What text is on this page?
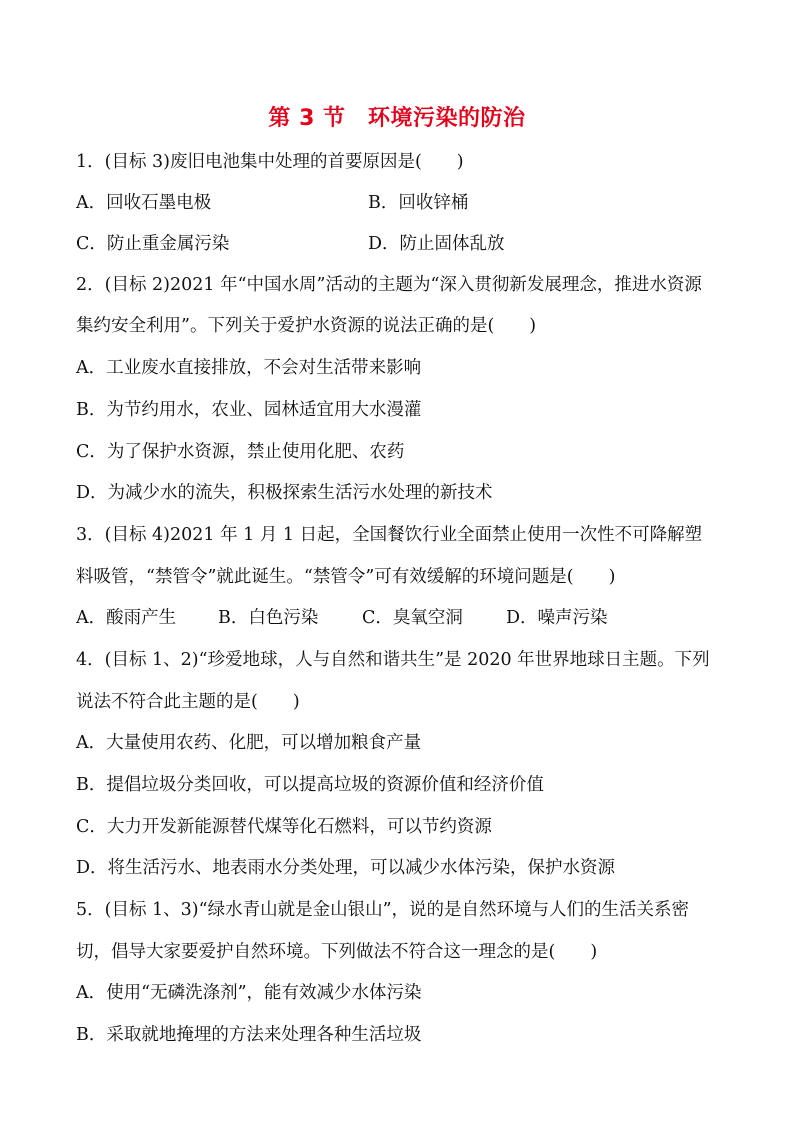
第 3 节　环境污染的防治
1．(目标 3)废旧电池集中处理的首要原因是(　　)
A．回收石墨电极	B．回收锌桶
C．防止重金属污染	D．防止固体乱放
2．(目标 2)2021 年“中国水周”活动的主题为“深入贯彻新发展理念，推进水资源
集约安全利用”。下列关于爱护水资源的说法正确的是(　　)
A．工业废水直接排放，不会对生活带来影响
B．为节约用水，农业、园林适宜用大水漫灌
C．为了保护水资源，禁止使用化肥、农药
D．为减少水的流失，积极探索生活污水处理的新技术
3．(目标 4)2021 年 1 月 1 日起，全国餐饮行业全面禁止使用一次性不可降解塑
料吸管，“禁管令”就此诞生。“禁管令”可有效缓解的环境问题是(　　)
A．酸雨产生 B．白色污染 C．臭氧空洞 D．噪声污染
4．(目标 1、2)“珍爱地球，人与自然和谐共生”是 2020 年世界地球日主题。下列
说法不符合此主题的是(　　)
A．大量使用农药、化肥，可以增加粮食产量
B．提倡垃圾分类回收，可以提高垃圾的资源价值和经济价值
C．大力开发新能源替代煤等化石燃料，可以节约资源
D．将生活污水、地表雨水分类处理，可以减少水体污染，保护水资源
5．(目标 1、3)“绿水青山就是金山银山”，说的是自然环境与人们的生活关系密
切，倡导大家要爱护自然环境。下列做法不符合这一理念的是(　　)
A．使用“无磷洗涤剂”，能有效减少水体污染
B．采取就地掩埋的方法来处理各种生活垃圾
